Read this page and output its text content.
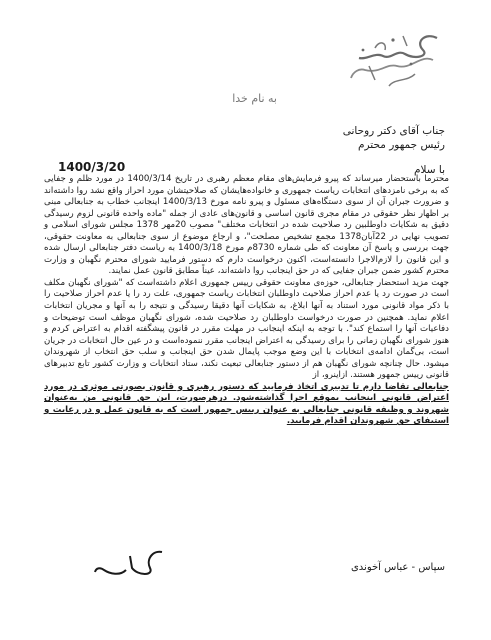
به نام خدا
جناب آقای دکتر روحانی
رئیس جمهور محترم
1400/3/20	با سلام

محترما باستحضار میرساند که پیرو فرمایش‌های مقام معظم رهبری در تاریخ 1400/3/14 در مورد ظلم و جفایی که به برخی نامزدهای انتخابات ریاست جمهوری و خانواده‌هایشان که صلاحیتشان مورد احراز واقع نشد روا داشته‌اند و ضرورت جبران آن از سوی دستگاه‌های مسئول و پیرو نامه مورخ 1400/3/13 اینجانب خطاب به جنابعالی مبنی بر اظهار نظر حقوقی در مقام مجری قانون اساسی و قانون‌های عادی از جمله "ماده واحده قانونی لزوم رسیدگی دقیق به شکایات داوطلبین رد صلاحیت شده در انتخابات مختلف" مصوب 20مهر 1378 مجلس شورای اسلامی و تصویب نهایی در 22آبان1378 مجمع تشخیص مصلحت"، و ارجاع موضوع از سوی جنابعالی به معاونت حقوقی، جهت بررسی و پاسخ آن معاونت که طی شماره 8730م مورخ 1400/3/18 به ریاست دفتر جنابعالی ارسال شده و این قانون را لازم‌الاجرا دانسته‌است، اکنون درخواست دارم که دستور فرمایید شورای محترم نگهبان و وزارت محترم کشور ضمن جبران جفایی که در حق اینجانب روا داشته‌اند، عیناً مطابق قانون عمل نمایند.

جهت مزید استحضار جنابعالی، حوزه‌ی معاونت حقوقی رییس جمهوری اعلام داشته‌است که "شورای نگهبان مکلف است در صورت رد یا عدم احراز صلاحیت داوطلبان انتخابات ریاست جمهوری، علت رد را یا عدم احراز صلاحیت را با ذکر مواد قانونی مورد استناد به آنها ابلاغ، به شکایات آنها دقیقا رسیدگی و نتیجه را به آنها و مجریان انتخابات اعلام نماید. همچنین در صورت درخواست داوطلبان رد صلاحیت شده، شورای نگهبان موظف است توضیحات و دفاعیات آنها را استماع کند". با توجه به اینکه اینجانب در مهلت مقرر در قانون پیشگفته اقدام به اعتراض کردم و هنوز شورای نگهبان زمانی را برای رسیدگی به اعتراض اینجانب مقرر ننموده‌است و در عین حال انتخابات در جریان است، بی‌گمان ادامه‌ی انتخابات با این وضع موجب پایمال شدن حق اینجانب و سلب حق انتخاب از شهروندان میشود. حال چنانچه شورای نگهبان هم از دستور جنابعالی تبعیت نکند، ستاد انتخابات و وزارت کشور تابع تدبیرهای قانونی رییس جمهور هستند. ازاینرو، از

جنابعالی تقاضا دارم تا تدبیری اتخاذ فرمایید که دستور رهبری و قانون بصورتی موثری در مورد اعتراض قانونی اینجانب بموقع اجرا گذاشته‌شود. درهرصورت، این حق قانونی من به‌عنوان شهروند و وظیفه قانونی جنابعالی به عنوان رییس جمهور است که به قانون عمل و در رعایت و استیفای حق شهروندان اقدام فرمایید.

سپاس - عباس آخوندی
